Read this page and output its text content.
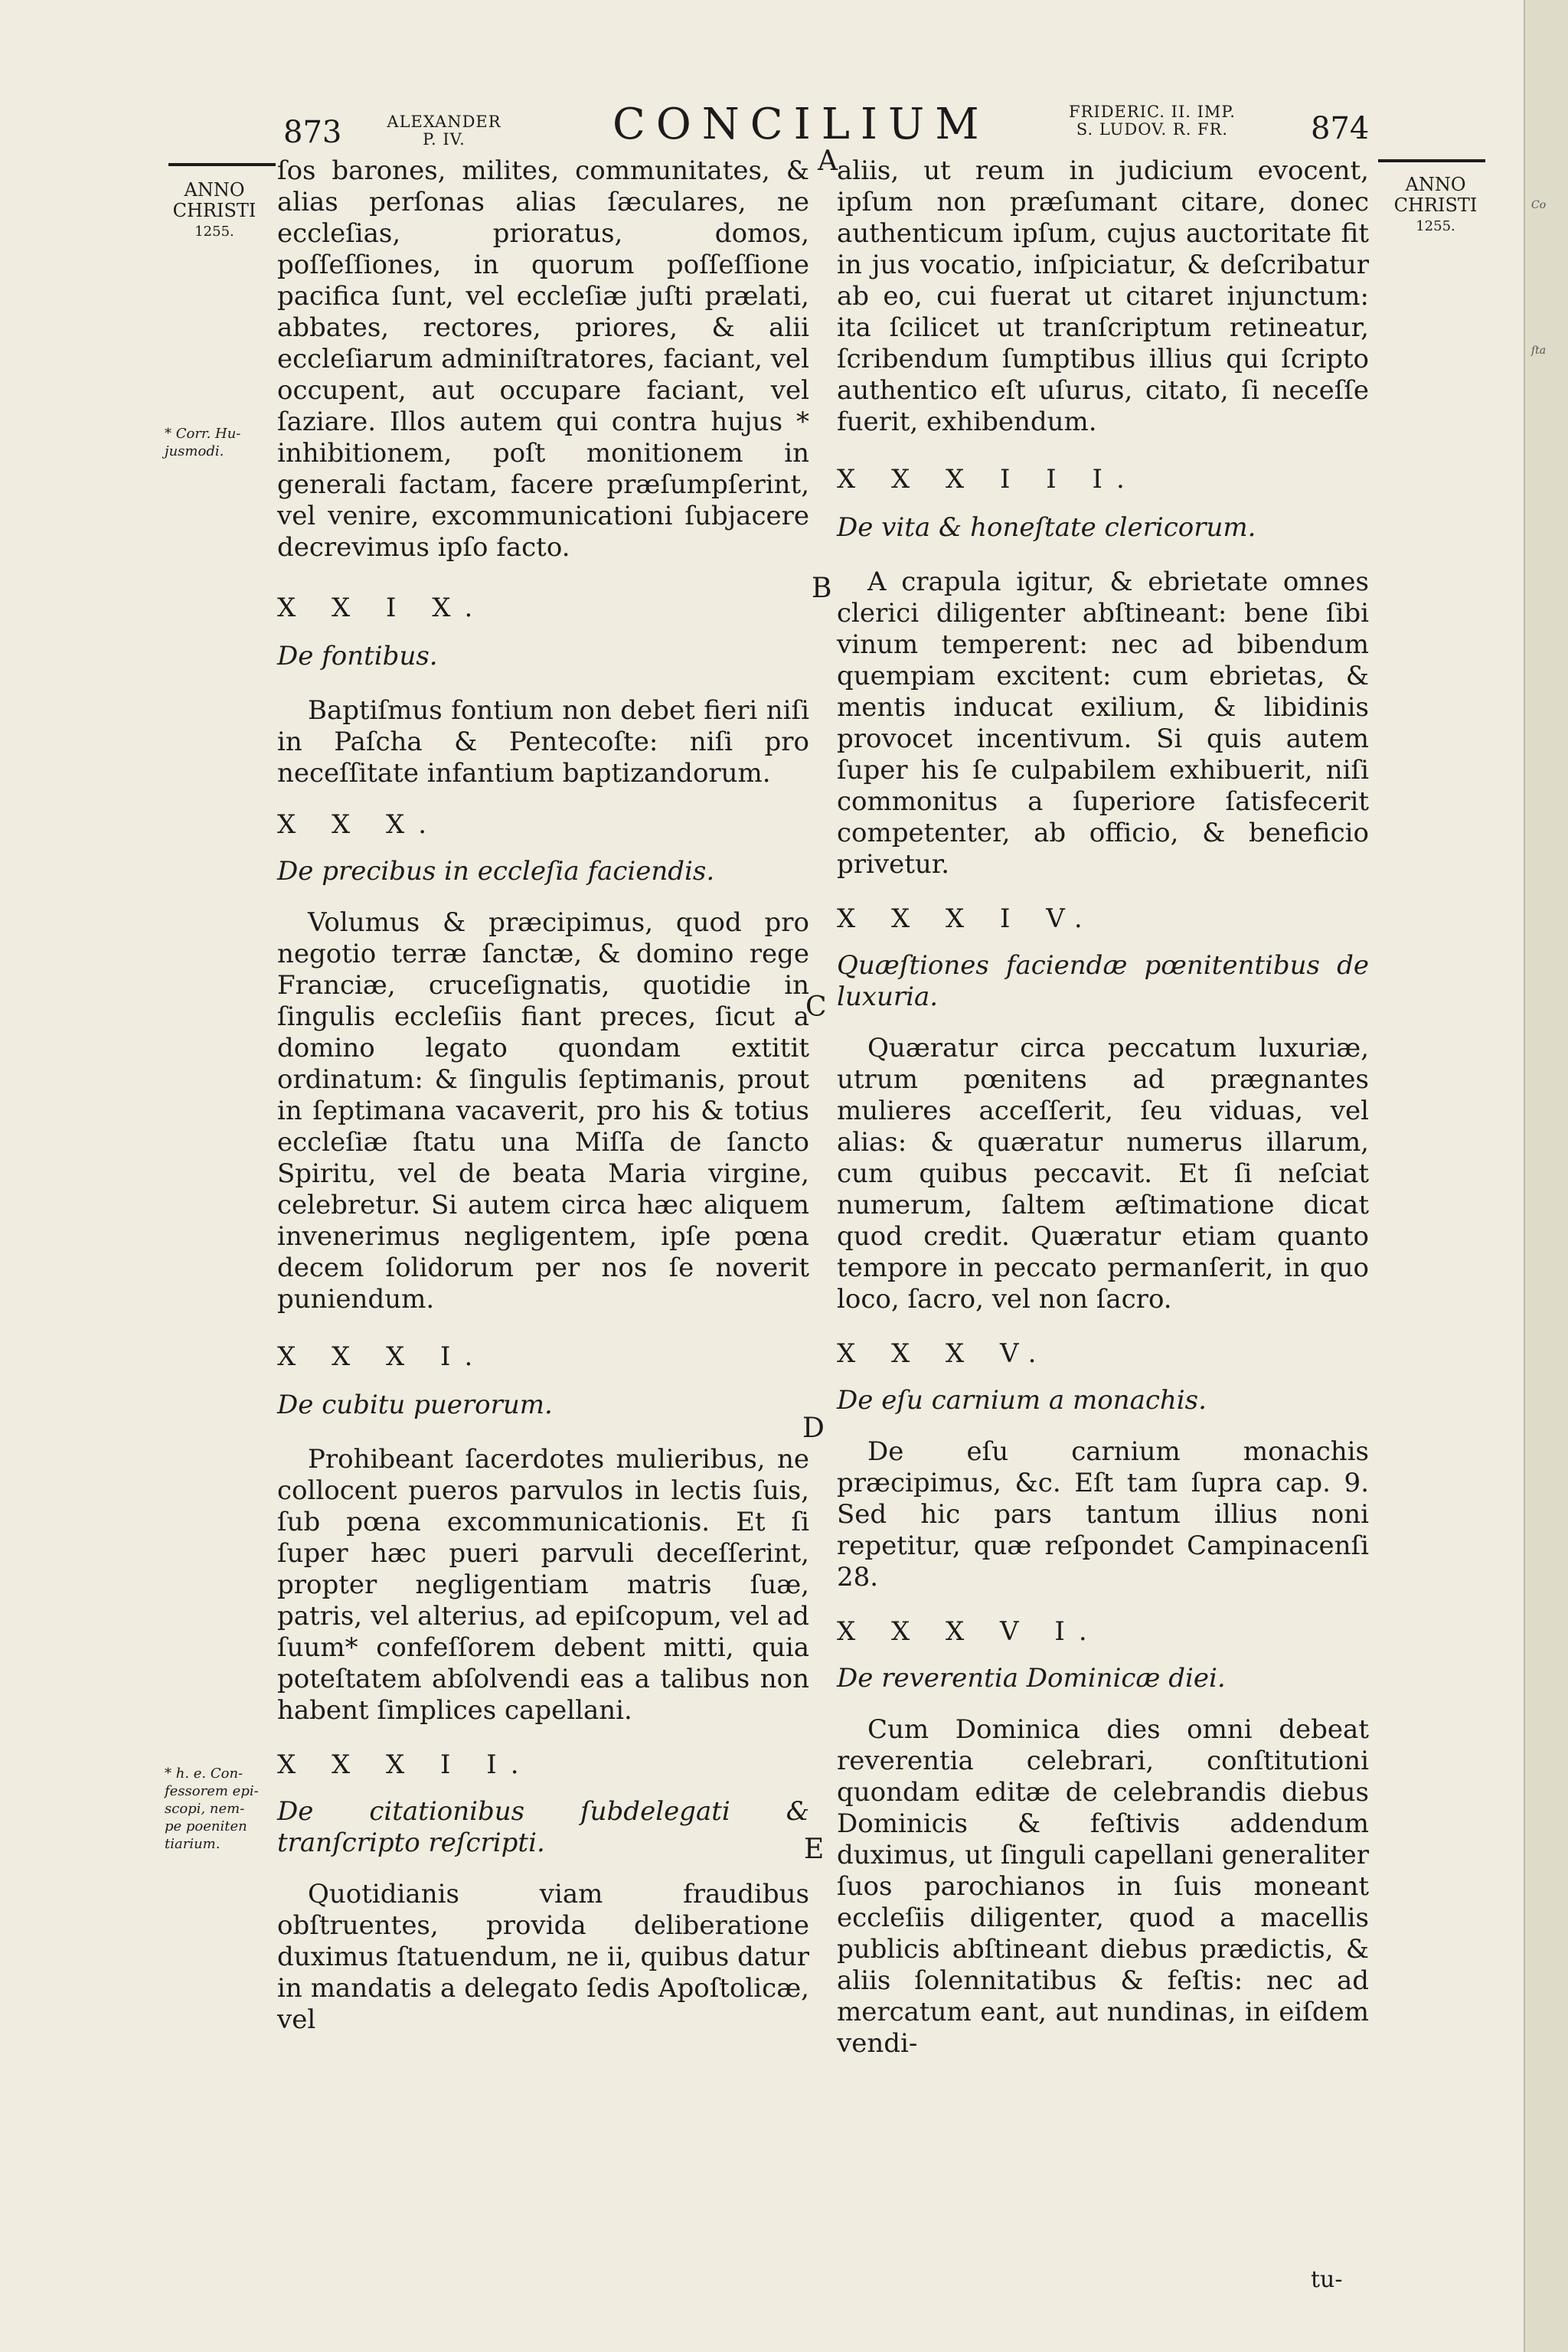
873	ALEXANDER
P. IV.	CONCILIUM	FRIDERIC. II. IMP.
S. LUDOV. R. FR.	874
ANNO
CHRISTI
1255.
ANNO
CHRISTI
1255.
* Corr. Hu-
jusmodi.
* h. e. Con-
fessorem epi-
scopi, nem-
pe poeniten
tiarium.
A
B
C
D
E

ſos barones, milites, communitates, & alias perſonas alias ſæculares, ne eccleſias, prioratus, domos, poſſeſſiones, in quorum poſſeſſione pacifica ſunt, vel eccleſiæ juſti prælati, abbates, rectores, priores, & alii eccleſiarum adminiſtratores, faciant, vel occupent, aut occupare faciant, vel ſaziare. Illos autem qui contra hujus * inhibitionem, poſt monitionem in generali factam, facere præſumpſerint, vel venire, excommunicationi ſubjacere decrevimus ipſo facto.

X X I X.

De fontibus.

Baptiſmus fontium non debet fieri niſi in Paſcha & Pentecoſte: niſi pro neceſſitate infantium baptizandorum.

X X X.

De precibus in eccleſia faciendis.

Volumus & præcipimus, quod pro negotio terræ ſanctæ, & domino rege Franciæ, cruceſignatis, quotidie in ſingulis eccleſiis fiant preces, ſicut a domino legato quondam extitit ordinatum: & ſingulis ſeptimanis, prout in ſeptimana vacaverit, pro his & totius eccleſiæ ſtatu una Miſſa de ſancto Spiritu, vel de beata Maria virgine, celebretur. Si autem circa hæc aliquem invenerimus negligentem, ipſe pœna decem ſolidorum per nos ſe noverit puniendum.

X X X I.

De cubitu puerorum.

Prohibeant ſacerdotes mulieribus, ne collocent pueros parvulos in lectis ſuis, ſub pœna excommunicationis. Et ſi ſuper hæc pueri parvuli deceſſerint, propter negligentiam matris ſuæ, patris, vel alterius, ad epiſcopum, vel ad ſuum* confeſſorem debent mitti, quia poteſtatem abſolvendi eas a talibus non habent ſimplices capellani.

X X X I I.

De citationibus ſubdelegati & tranſcripto reſcripti.

Quotidianis viam fraudibus obſtruentes, provida deliberatione duximus ſtatuendum, ne ii, quibus datur in mandatis a delegato ſedis Apoſtolicæ, vel

aliis, ut reum in judicium evocent, ipſum non præſumant citare, donec authenticum ipſum, cujus auctoritate fit in jus vocatio, inſpiciatur, & deſcribatur ab eo, cui fuerat ut citaret injunctum: ita ſcilicet ut tranſcriptum retineatur, ſcribendum ſumptibus illius qui ſcripto authentico eſt uſurus, citato, ſi neceſſe fuerit, exhibendum.

X X X I I I.

De vita & honeſtate clericorum.

A crapula igitur, & ebrietate omnes clerici diligenter abſtineant: bene ſibi vinum temperent: nec ad bibendum quempiam excitent: cum ebrietas, & mentis inducat exilium, & libidinis provocet incentivum. Si quis autem ſuper his ſe culpabilem exhibuerit, niſi commonitus a ſuperiore ſatisfecerit competenter, ab officio, & beneficio privetur.

X X X I V.

Quæſtiones faciendæ pœnitentibus de luxuria.

Quæratur circa peccatum luxuriæ, utrum pœnitens ad prægnantes mulieres acceſſerit, ſeu viduas, vel alias: & quæratur numerus illarum, cum quibus peccavit. Et ſi neſciat numerum, ſaltem æſtimatione dicat quod credit. Quæratur etiam quanto tempore in peccato permanſerit, in quo loco, ſacro, vel non ſacro.

X X X V.

De eſu carnium a monachis.

De eſu carnium monachis præcipimus, &c. Eſt tam ſupra cap. 9. Sed hic pars tantum illius noni repetitur, quæ reſpondet Campinacenſi 28.

X X X V I.

De reverentia Dominicæ diei.

Cum Dominica dies omni debeat reverentia celebrari, conſtitutioni quondam editæ de celebrandis diebus Dominicis & feſtivis addendum duximus, ut ſinguli capellani generaliter ſuos parochianos in ſuis moneant eccleſiis diligenter, quod a macellis publicis abſtineant diebus prædictis, & aliis ſolennitatibus & feſtis: nec ad mercatum eant, aut nundinas, in eiſdem vendi-

tu-
Co
ſta
